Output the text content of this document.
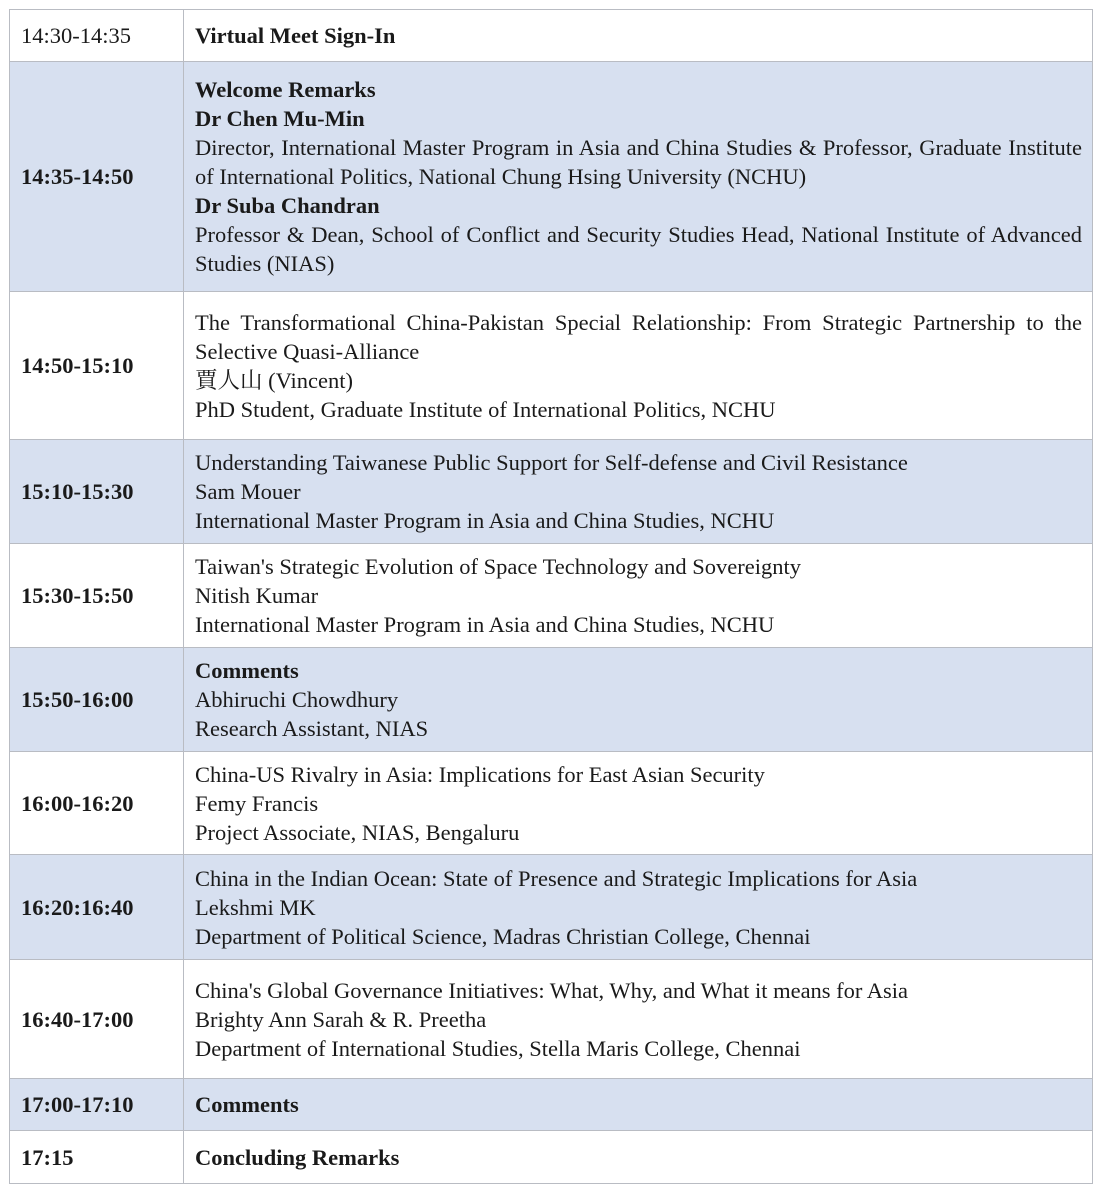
14:30-14:35	Virtual Meet Sign-In

14:35-14:50	Welcome Remarks
Dr Chen Mu-Min
Director, International Master Program in Asia and China Studies & Professor, Graduate Institute of International Politics, National Chung Hsing University (NCHU)
Dr Suba Chandran
Professor & Dean, School of Conflict and Security Studies Head, National Institute of Advanced Studies (NIAS)

14:50-15:10	The Transformational China-Pakistan Special Relationship: From Strategic Partnership to the Selective Quasi-Alliance
賈人山 (Vincent)
PhD Student, Graduate Institute of International Politics, NCHU

15:10-15:30	Understanding Taiwanese Public Support for Self-defense and Civil Resistance
Sam Mouer
International Master Program in Asia and China Studies, NCHU

15:30-15:50	Taiwan's Strategic Evolution of Space Technology and Sovereignty
Nitish Kumar
International Master Program in Asia and China Studies, NCHU

15:50-16:00	Comments
Abhiruchi Chowdhury
Research Assistant, NIAS

16:00-16:20	China-US Rivalry in Asia: Implications for East Asian Security
Femy Francis
Project Associate, NIAS, Bengaluru

16:20:16:40	China in the Indian Ocean: State of Presence and Strategic Implications for Asia
Lekshmi MK
Department of Political Science, Madras Christian College, Chennai

16:40-17:00	China's Global Governance Initiatives: What, Why, and What it means for Asia
Brighty Ann Sarah & R. Preetha
Department of International Studies, Stella Maris College, Chennai

17:00-17:10	Comments

17:15	Concluding Remarks
